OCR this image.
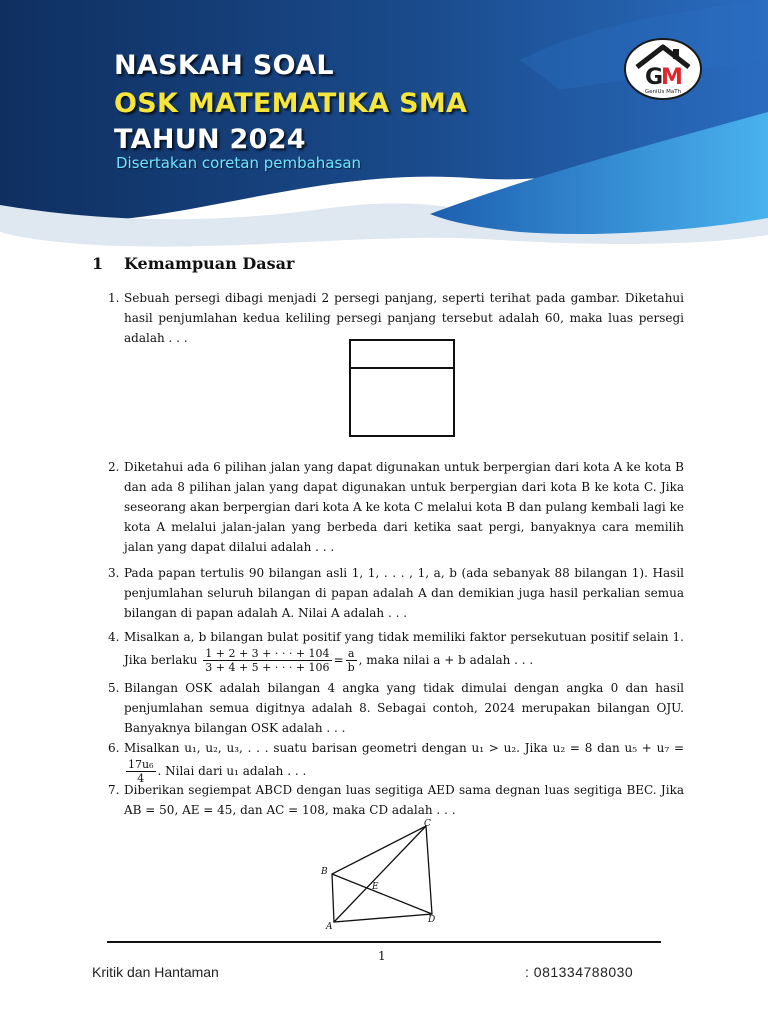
NASKAH SOAL
OSK MATEMATIKA SMA
TAHUN 2024
Disertakan coretan pembahasan
G
M
GeniUs MaTh
1 Kemampuan Dasar
1. Sebuah persegi dibagi menjadi 2 persegi panjang, seperti terihat pada gambar. Diketahui hasil penjumlahan kedua keliling persegi panjang tersebut adalah 60, maka luas persegi adalah . . .
2. Diketahui ada 6 pilihan jalan yang dapat digunakan untuk berpergian dari kota A ke kota B dan ada 8 pilihan jalan yang dapat digunakan untuk berpergian dari kota B ke kota C. Jika seseorang akan berpergian dari kota A ke kota C melalui kota B dan pulang kembali lagi ke kota A melalui jalan-jalan yang berbeda dari ketika saat pergi, banyaknya cara memilih jalan yang dapat dilalui adalah . . .
3. Pada papan tertulis 90 bilangan asli 1, 1, . . . , 1, a, b (ada sebanyak 88 bilangan 1). Hasil penjumlahan seluruh bilangan di papan adalah A dan demikian juga hasil perkalian semua bilangan di papan adalah A. Nilai A adalah . . .
4. Misalkan a, b bilangan bulat positif yang tidak memiliki faktor persekutuan positif selain 1. Jika berlaku $\frac{1 + 2 + 3 + \cdot \cdot \cdot + 104}{3 + 4 + 5 + \cdot \cdot \cdot + 106} = \frac{a}{b}$ , maka nilai a + b adalah . . .
5. Bilangan OSK adalah bilangan 4 angka yang tidak dimulai dengan angka 0 dan hasil penjumlahan semua digitnya adalah 8. Sebagai contoh, 2024 merupakan bilangan OJU. Banyaknya bilangan OSK adalah . . .
6. Misalkan u₁, u₂, u₃, . . . suatu barisan geometri dengan u₁ > u₂. Jika u₂ = 8 dan u₅ + u₇ =
$\frac{\text{17u₆}}{4}$ . Nilai dari u₁ adalah . . .
7. Diberikan segiempat ABCD dengan luas segitiga AED sama degnan luas segitiga BEC. Jika AB = 50, AE = 45, dan AC = 108, maka CD adalah . . .
A
B
C
D
E
1
Kritik dan Hantaman	: 081334788030
